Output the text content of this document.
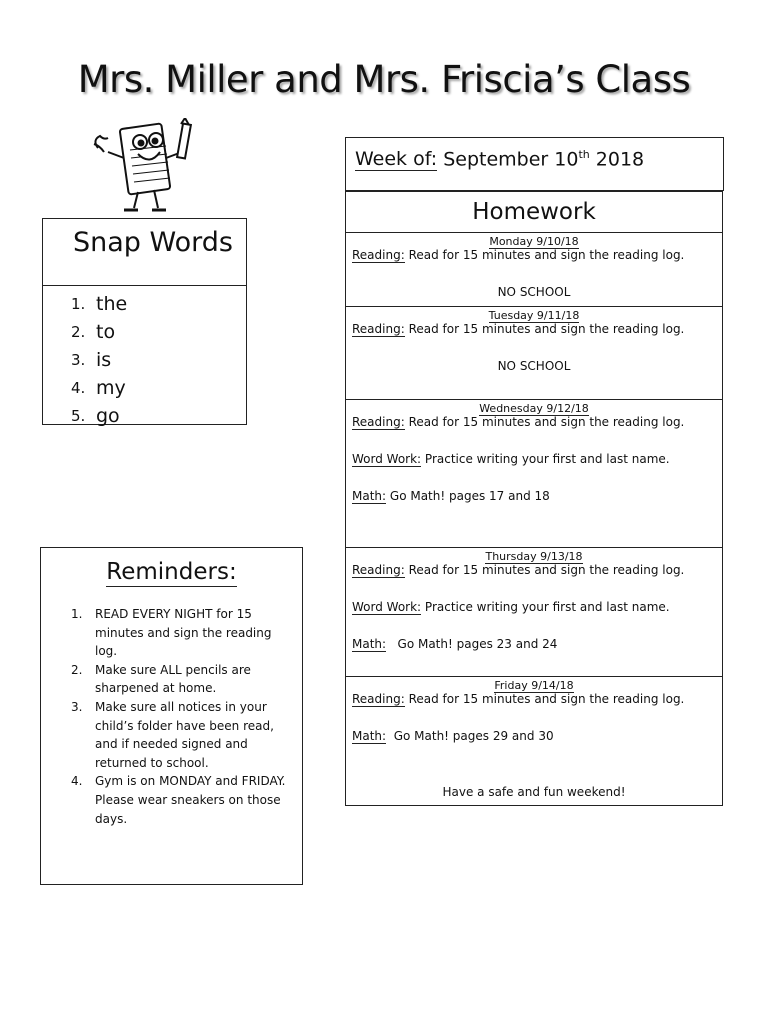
Mrs. Miller and Mrs. Friscia’s Class
Snap Words
1. the
2. to
3. is
4. my
5. go
Reminders:
1.	READ EVERY NIGHT for 15 minutes and sign the reading log.
2.	Make sure ALL pencils are sharpened at home.
3.	Make sure all notices in your child’s folder have been read, and if needed signed and returned to school.
4.	Gym is on MONDAY and FRIDAY. Please wear sneakers on those days.
Week of: September 10th 2018
Homework
Monday 9/10/18
Reading: Read for 15 minutes and sign the reading log.
NO SCHOOL
Tuesday 9/11/18
Reading: Read for 15 minutes and sign the reading log.
NO SCHOOL
Wednesday 9/12/18
Reading: Read for 15 minutes and sign the reading log.
Word Work: Practice writing your first and last name.
Math: Go Math! pages 17 and 18
Thursday 9/13/18
Reading: Read for 15 minutes and sign the reading log.
Word Work: Practice writing your first and last name.
Math: Go Math! pages 23 and 24
Friday 9/14/18
Reading: Read for 15 minutes and sign the reading log.
Math: Go Math! pages 29 and 30
Have a safe and fun weekend!
